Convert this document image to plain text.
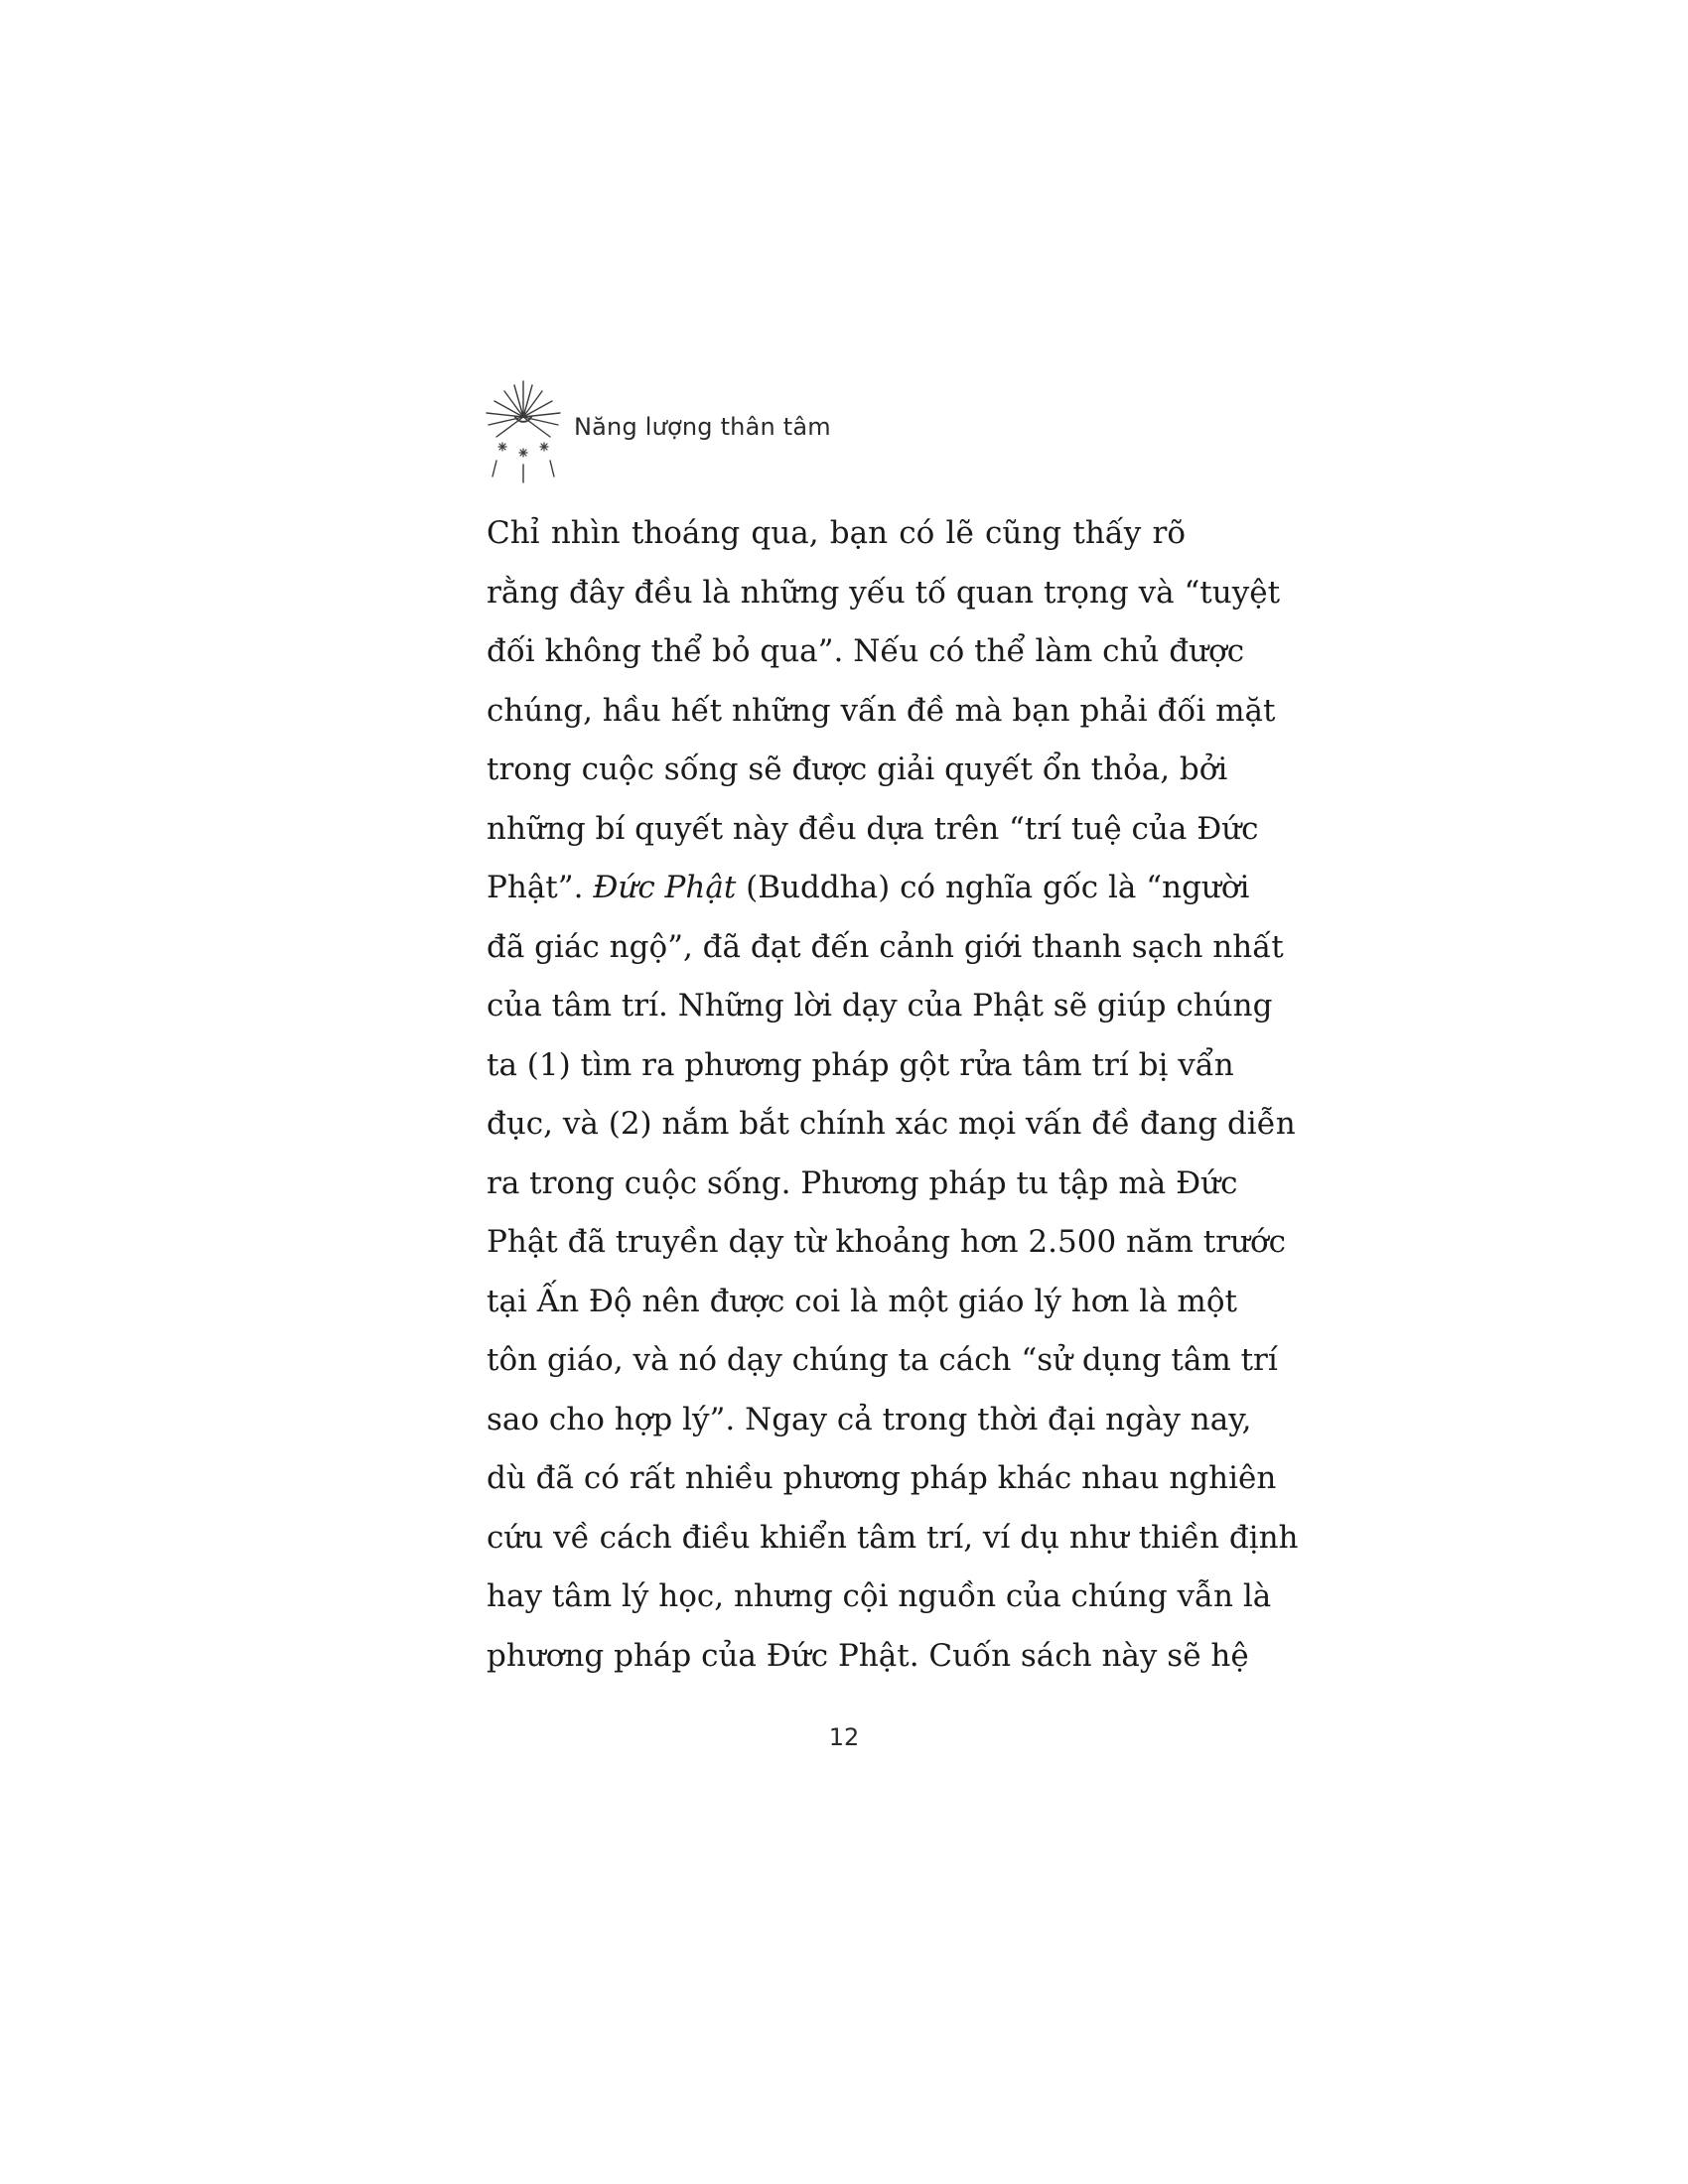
Năng lượng thân tâm
Chỉ nhìn thoáng qua, bạn có lẽ cũng thấy rõ
rằng đây đều là những yếu tố quan trọng và “tuyệt
đối không thể bỏ qua”. Nếu có thể làm chủ được
chúng, hầu hết những vấn đề mà bạn phải đối mặt
trong cuộc sống sẽ được giải quyết ổn thỏa, bởi
những bí quyết này đều dựa trên “trí tuệ của Đức
Phật”. Đức Phật (Buddha) có nghĩa gốc là “người
đã giác ngộ”, đã đạt đến cảnh giới thanh sạch nhất
của tâm trí. Những lời dạy của Phật sẽ giúp chúng
ta (1) tìm ra phương pháp gột rửa tâm trí bị vẩn
đục, và (2) nắm bắt chính xác mọi vấn đề đang diễn
ra trong cuộc sống. Phương pháp tu tập mà Đức
Phật đã truyền dạy từ khoảng hơn 2.500 năm trước
tại Ấn Độ nên được coi là một giáo lý hơn là một
tôn giáo, và nó dạy chúng ta cách “sử dụng tâm trí
sao cho hợp lý”. Ngay cả trong thời đại ngày nay,
dù đã có rất nhiều phương pháp khác nhau nghiên
cứu về cách điều khiển tâm trí, ví dụ như thiền định
hay tâm lý học, nhưng cội nguồn của chúng vẫn là
phương pháp của Đức Phật. Cuốn sách này sẽ hệ
12
